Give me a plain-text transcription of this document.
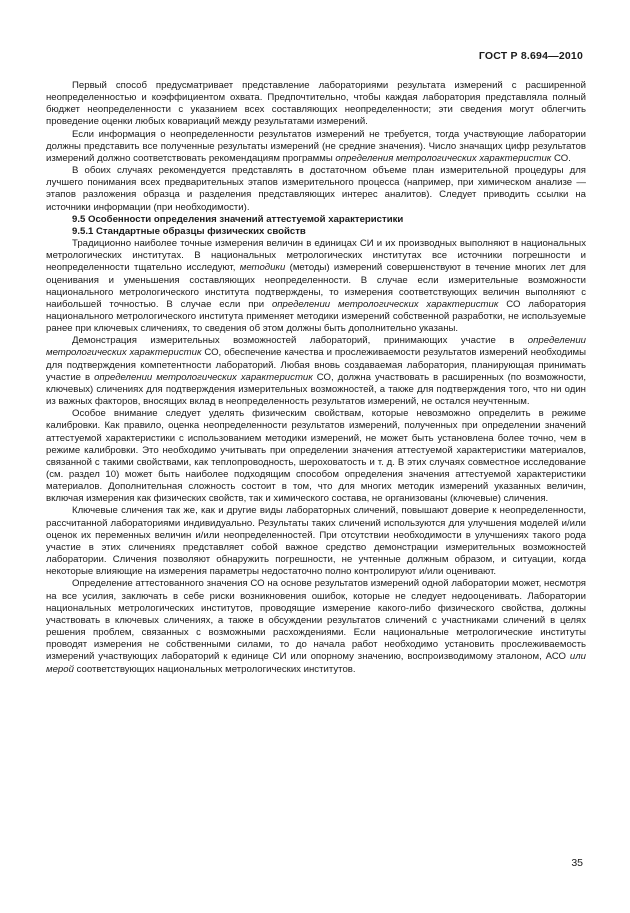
ГОСТ Р 8.694—2010

Первый способ предусматривает представление лабораториями результата измерений с расширенной неопределенностью и коэффициентом охвата. Предпочтительно, чтобы каждая лаборатория представляла полный бюджет неопределенности с указанием всех составляющих неопределенности; эти сведения могут облегчить проведение оценки любых ковариаций между результатами измерений.

Если информация о неопределенности результатов измерений не требуется, тогда участвующие лаборатории должны представить все полученные результаты измерений (не средние значения). Число значащих цифр результатов измерений должно соответствовать рекомендациям программы определения метрологических характеристик СО.

В обоих случаях рекомендуется представлять в достаточном объеме план измерительной процедуры для лучшего понимания всех предварительных этапов измерительного процесса (например, при химическом анализе — этапов разложения образца и разделения представляющих интерес аналитов). Следует приводить ссылки на источники информации (при необходимости).

9.5 Особенности определения значений аттестуемой характеристики

9.5.1 Стандартные образцы физических свойств

Традиционно наиболее точные измерения величин в единицах СИ и их производных выполняют в национальных метрологических институтах. В национальных метрологических институтах все источники погрешности и неопределенности тщательно исследуют, методики (методы) измерений совершенствуют в течение многих лет для оценивания и уменьшения составляющих неопределенности. В случае если измерительные возможности национального метрологического института подтверждены, то измерения соответствующих величин выполняют с наибольшей точностью. В случае если при определении метрологических характеристик СО лаборатория национального метрологического института применяет методики измерений собственной разработки, не используемые ранее при ключевых сличениях, то сведения об этом должны быть дополнительно указаны.

Демонстрация измерительных возможностей лабораторий, принимающих участие в определении метрологических характеристик СО, обеспечение качества и прослеживаемости результатов измерений необходимы для подтверждения компетентности лабораторий. Любая вновь создаваемая лаборатория, планирующая принимать участие в определении метрологических характеристик СО, должна участвовать в расширенных (по возможности, ключевых) сличениях для подтверждения измерительных возможностей, а также для подтверждения того, что ни один из важных факторов, вносящих вклад в неопределенность результатов измерений, не остался неучтенным.

Особое внимание следует уделять физическим свойствам, которые невозможно определить в режиме калибровки. Как правило, оценка неопределенности результатов измерений, полученных при определении значений аттестуемой характеристики с использованием методики измерений, не может быть установлена более точно, чем в режиме калибровки. Это необходимо учитывать при определении значения аттестуемой характеристики материалов, связанной с такими свойствами, как теплопроводность, шероховатость и т. д. В этих случаях совместное исследование (см. раздел 10) может быть наиболее подходящим способом определения значения аттестуемой характеристики материалов. Дополнительная сложность состоит в том, что для многих методик измерений указанных величин, включая измерения как физических свойств, так и химического состава, не организованы (ключевые) сличения.

Ключевые сличения так же, как и другие виды лабораторных сличений, повышают доверие к неопределенности, рассчитанной лабораториями индивидуально. Результаты таких сличений используются для улучшения моделей и/или оценок их переменных величин и/или неопределенностей. При отсутствии необходимости в улучшениях такого рода участие в этих сличениях представляет собой важное средство демонстрации измерительных возможностей лаборатории. Сличения позволяют обнаружить погрешности, не учтенные должным образом, и ситуации, когда некоторые влияющие на измерения параметры недостаточно полно контролируют и/или оценивают.

Определение аттестованного значения СО на основе результатов измерений одной лаборатории может, несмотря на все усилия, заключать в себе риски возникновения ошибок, которые не следует недооценивать. Лаборатории национальных метрологических институтов, проводящие измерение какого-либо физического свойства, должны участвовать в ключевых сличениях, а также в обсуждении результатов сличений с участниками сличений в целях решения проблем, связанных с возможными расхождениями. Если национальные метрологические институты проводят измерения не собственными силами, то до начала работ необходимо установить прослеживаемость измерений участвующих лабораторий к единице СИ или опорному значению, воспроизводимому эталоном, АСО или мерой соответствующих национальных метрологических институтов.

35
